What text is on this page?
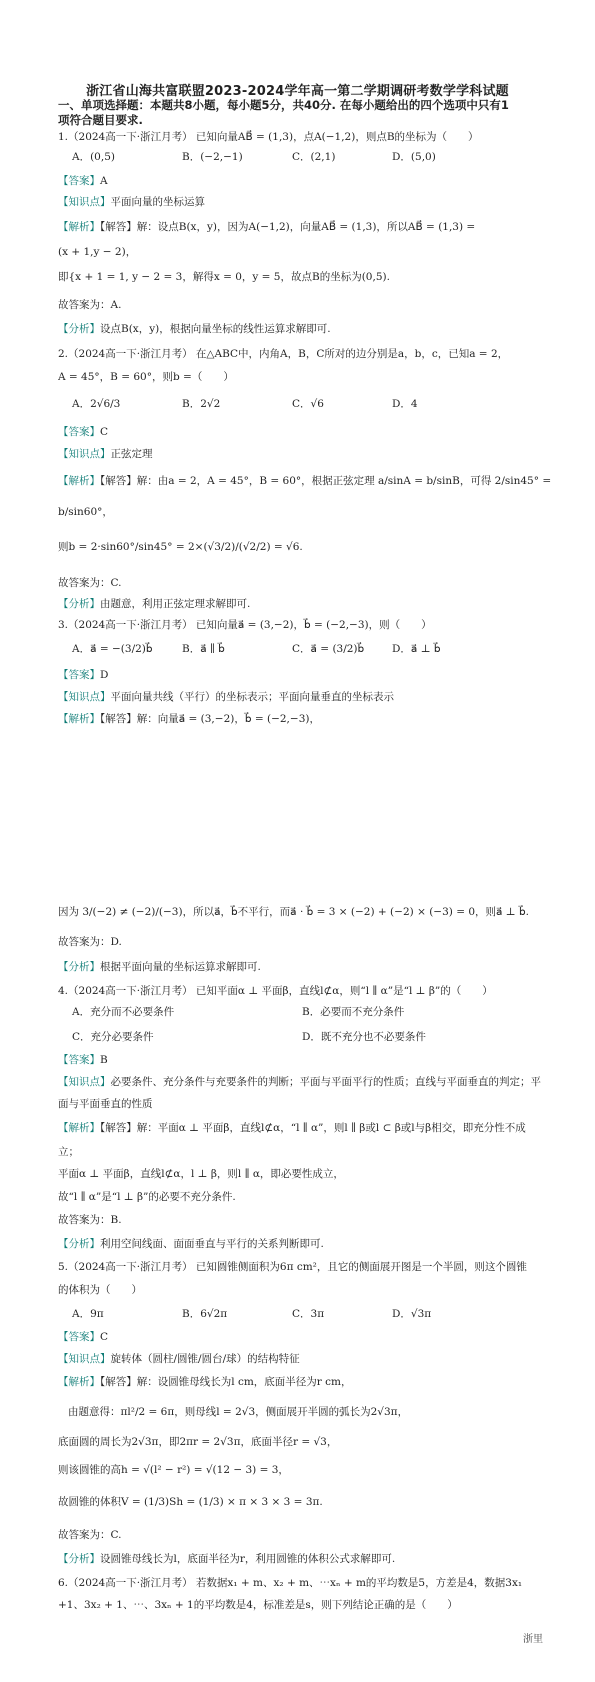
浙江省山海共富联盟2023-2024学年高一第二学期调研考数学学科试题
一、单项选择题：本题共8小题，每小题5分，共40分. 在每小题给出的四个选项中只有1
项符合题目要求.
1.（2024高一下·浙江月考） 已知向量AB⃗ = (1,3)，点A(−1,2)，则点B的坐标为（　　）
A．(0,5)	B．(−2,−1)	C．(2,1)	D．(5,0)
【答案】A
【知识点】平面向量的坐标运算
【解析】【解答】解：设点B(x，y)，因为A(−1,2)，向量AB⃗ = (1,3)，所以AB⃗ = (1,3) =
(x + 1,y − 2)，
即{x + 1 = 1, y − 2 = 3，解得x = 0，y = 5，故点B的坐标为(0,5).
故答案为：A.
【分析】设点B(x，y)，根据向量坐标的线性运算求解即可.
2.（2024高一下·浙江月考） 在△ABC中，内角A，B，C所对的边分别是a，b，c，已知a = 2，
A = 45°，B = 60°，则b =（　　）
A．2√6/3	B．2√2	C．√6	D．4
【答案】C
【知识点】正弦定理
【解析】【解答】解：由a = 2，A = 45°，B = 60°，根据正弦定理 a/sinA = b/sinB，可得 2/sin45° =
b/sin60°，
则b = 2·sin60°/sin45° = 2×(√3/2)/(√2/2) = √6.
故答案为：C.
【分析】由题意，利用正弦定理求解即可.
3.（2024高一下·浙江月考） 已知向量a⃗ = (3,−2)，b⃗ = (−2,−3)，则（　　）
A．a⃗ = −(3/2)b⃗	B．a⃗ ∥ b⃗	C．a⃗ = (3/2)b⃗	D．a⃗ ⊥ b⃗
【答案】D
【知识点】平面向量共线（平行）的坐标表示；平面向量垂直的坐标表示
【解析】【解答】解：向量a⃗ = (3,−2)，b⃗ = (−2,−3)，
因为 3/(−2) ≠ (−2)/(−3)，所以a⃗，b⃗不平行，而a⃗ · b⃗ = 3 × (−2) + (−2) × (−3) = 0，则a⃗ ⊥ b⃗.
故答案为：D.
【分析】根据平面向量的坐标运算求解即可.
4.（2024高一下·浙江月考） 已知平面α ⊥ 平面β，直线l⊄α，则“l ∥ α”是“l ⊥ β”的（　　）
A．充分而不必要条件	B．必要而不充分条件
C．充分必要条件	D．既不充分也不必要条件
【答案】B
【知识点】必要条件、充分条件与充要条件的判断；平面与平面平行的性质；直线与平面垂直的判定；平
面与平面垂直的性质
【解析】【解答】解：平面α ⊥ 平面β，直线l⊄α，“l ∥ α”，则l ∥ β或l ⊂ β或l与β相交，即充分性不成
立；
平面α ⊥ 平面β，直线l⊄α，l ⊥ β，则l ∥ α，即必要性成立，
故“l ∥ α”是“l ⊥ β”的必要不充分条件.
故答案为：B.
【分析】利用空间线面、面面垂直与平行的关系判断即可.
5.（2024高一下·浙江月考） 已知圆锥侧面积为6π cm²，且它的侧面展开图是一个半圆，则这个圆锥
的体积为（　　）
A．9π	B．6√2π	C．3π	D．√3π
【答案】C
【知识点】旋转体（圆柱/圆锥/圆台/球）的结构特征
【解析】【解答】解：设圆锥母线长为l cm，底面半径为r cm，
由题意得：πl²/2 = 6π，则母线l = 2√3，侧面展开半圆的弧长为2√3π，
底面圆的周长为2√3π，即2πr = 2√3π，底面半径r = √3，
则该圆锥的高h = √(l² − r²) = √(12 − 3) = 3，
故圆锥的体积V = (1/3)Sh = (1/3) × π × 3 × 3 = 3π.
故答案为：C.
【分析】设圆锥母线长为l，底面半径为r，利用圆锥的体积公式求解即可.
6.（2024高一下·浙江月考） 若数据x₁ + m、x₂ + m、⋯xₙ + m的平均数是5，方差是4，数据3x₁
+1、3x₂ + 1、⋯、3xₙ + 1的平均数是4，标准差是s，则下列结论正确的是（　　）
浙里
